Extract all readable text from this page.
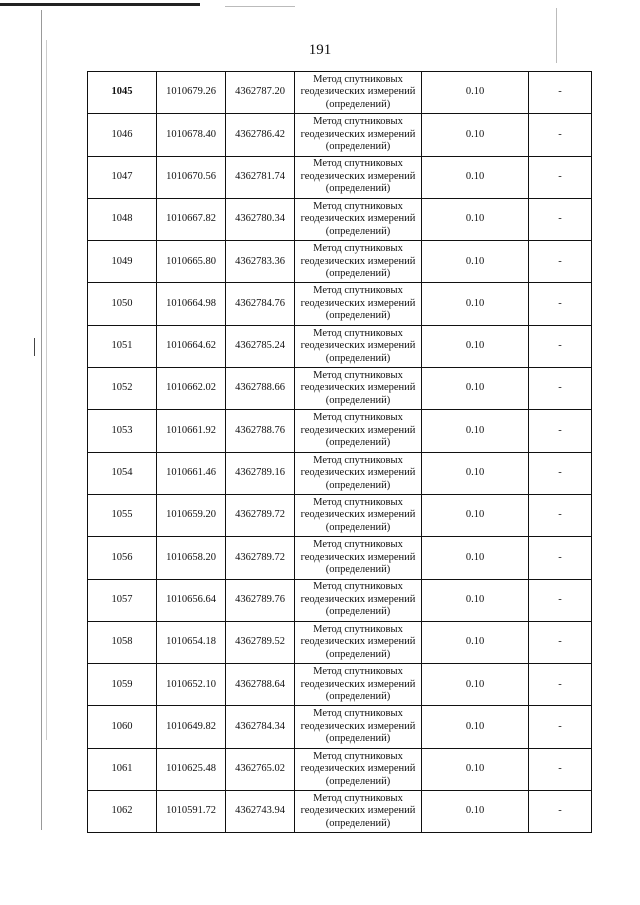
191
1045	1010679.26	4362787.20	Метод спутниковых геодезических измерений (определений)	0.10	-
1046	1010678.40	4362786.42	Метод спутниковых геодезических измерений (определений)	0.10	-
1047	1010670.56	4362781.74	Метод спутниковых геодезических измерений (определений)	0.10	-
1048	1010667.82	4362780.34	Метод спутниковых геодезических измерений (определений)	0.10	-
1049	1010665.80	4362783.36	Метод спутниковых геодезических измерений (определений)	0.10	-
1050	1010664.98	4362784.76	Метод спутниковых геодезических измерений (определений)	0.10	-
1051	1010664.62	4362785.24	Метод спутниковых геодезических измерений (определений)	0.10	-
1052	1010662.02	4362788.66	Метод спутниковых геодезических измерений (определений)	0.10	-
1053	1010661.92	4362788.76	Метод спутниковых геодезических измерений (определений)	0.10	-
1054	1010661.46	4362789.16	Метод спутниковых геодезических измерений (определений)	0.10	-
1055	1010659.20	4362789.72	Метод спутниковых геодезических измерений (определений)	0.10	-
1056	1010658.20	4362789.72	Метод спутниковых геодезических измерений (определений)	0.10	-
1057	1010656.64	4362789.76	Метод спутниковых геодезических измерений (определений)	0.10	-
1058	1010654.18	4362789.52	Метод спутниковых геодезических измерений (определений)	0.10	-
1059	1010652.10	4362788.64	Метод спутниковых геодезических измерений (определений)	0.10	-
1060	1010649.82	4362784.34	Метод спутниковых геодезических измерений (определений)	0.10	-
1061	1010625.48	4362765.02	Метод спутниковых геодезических измерений (определений)	0.10	-
1062	1010591.72	4362743.94	Метод спутниковых геодезических измерений (определений)	0.10	-
